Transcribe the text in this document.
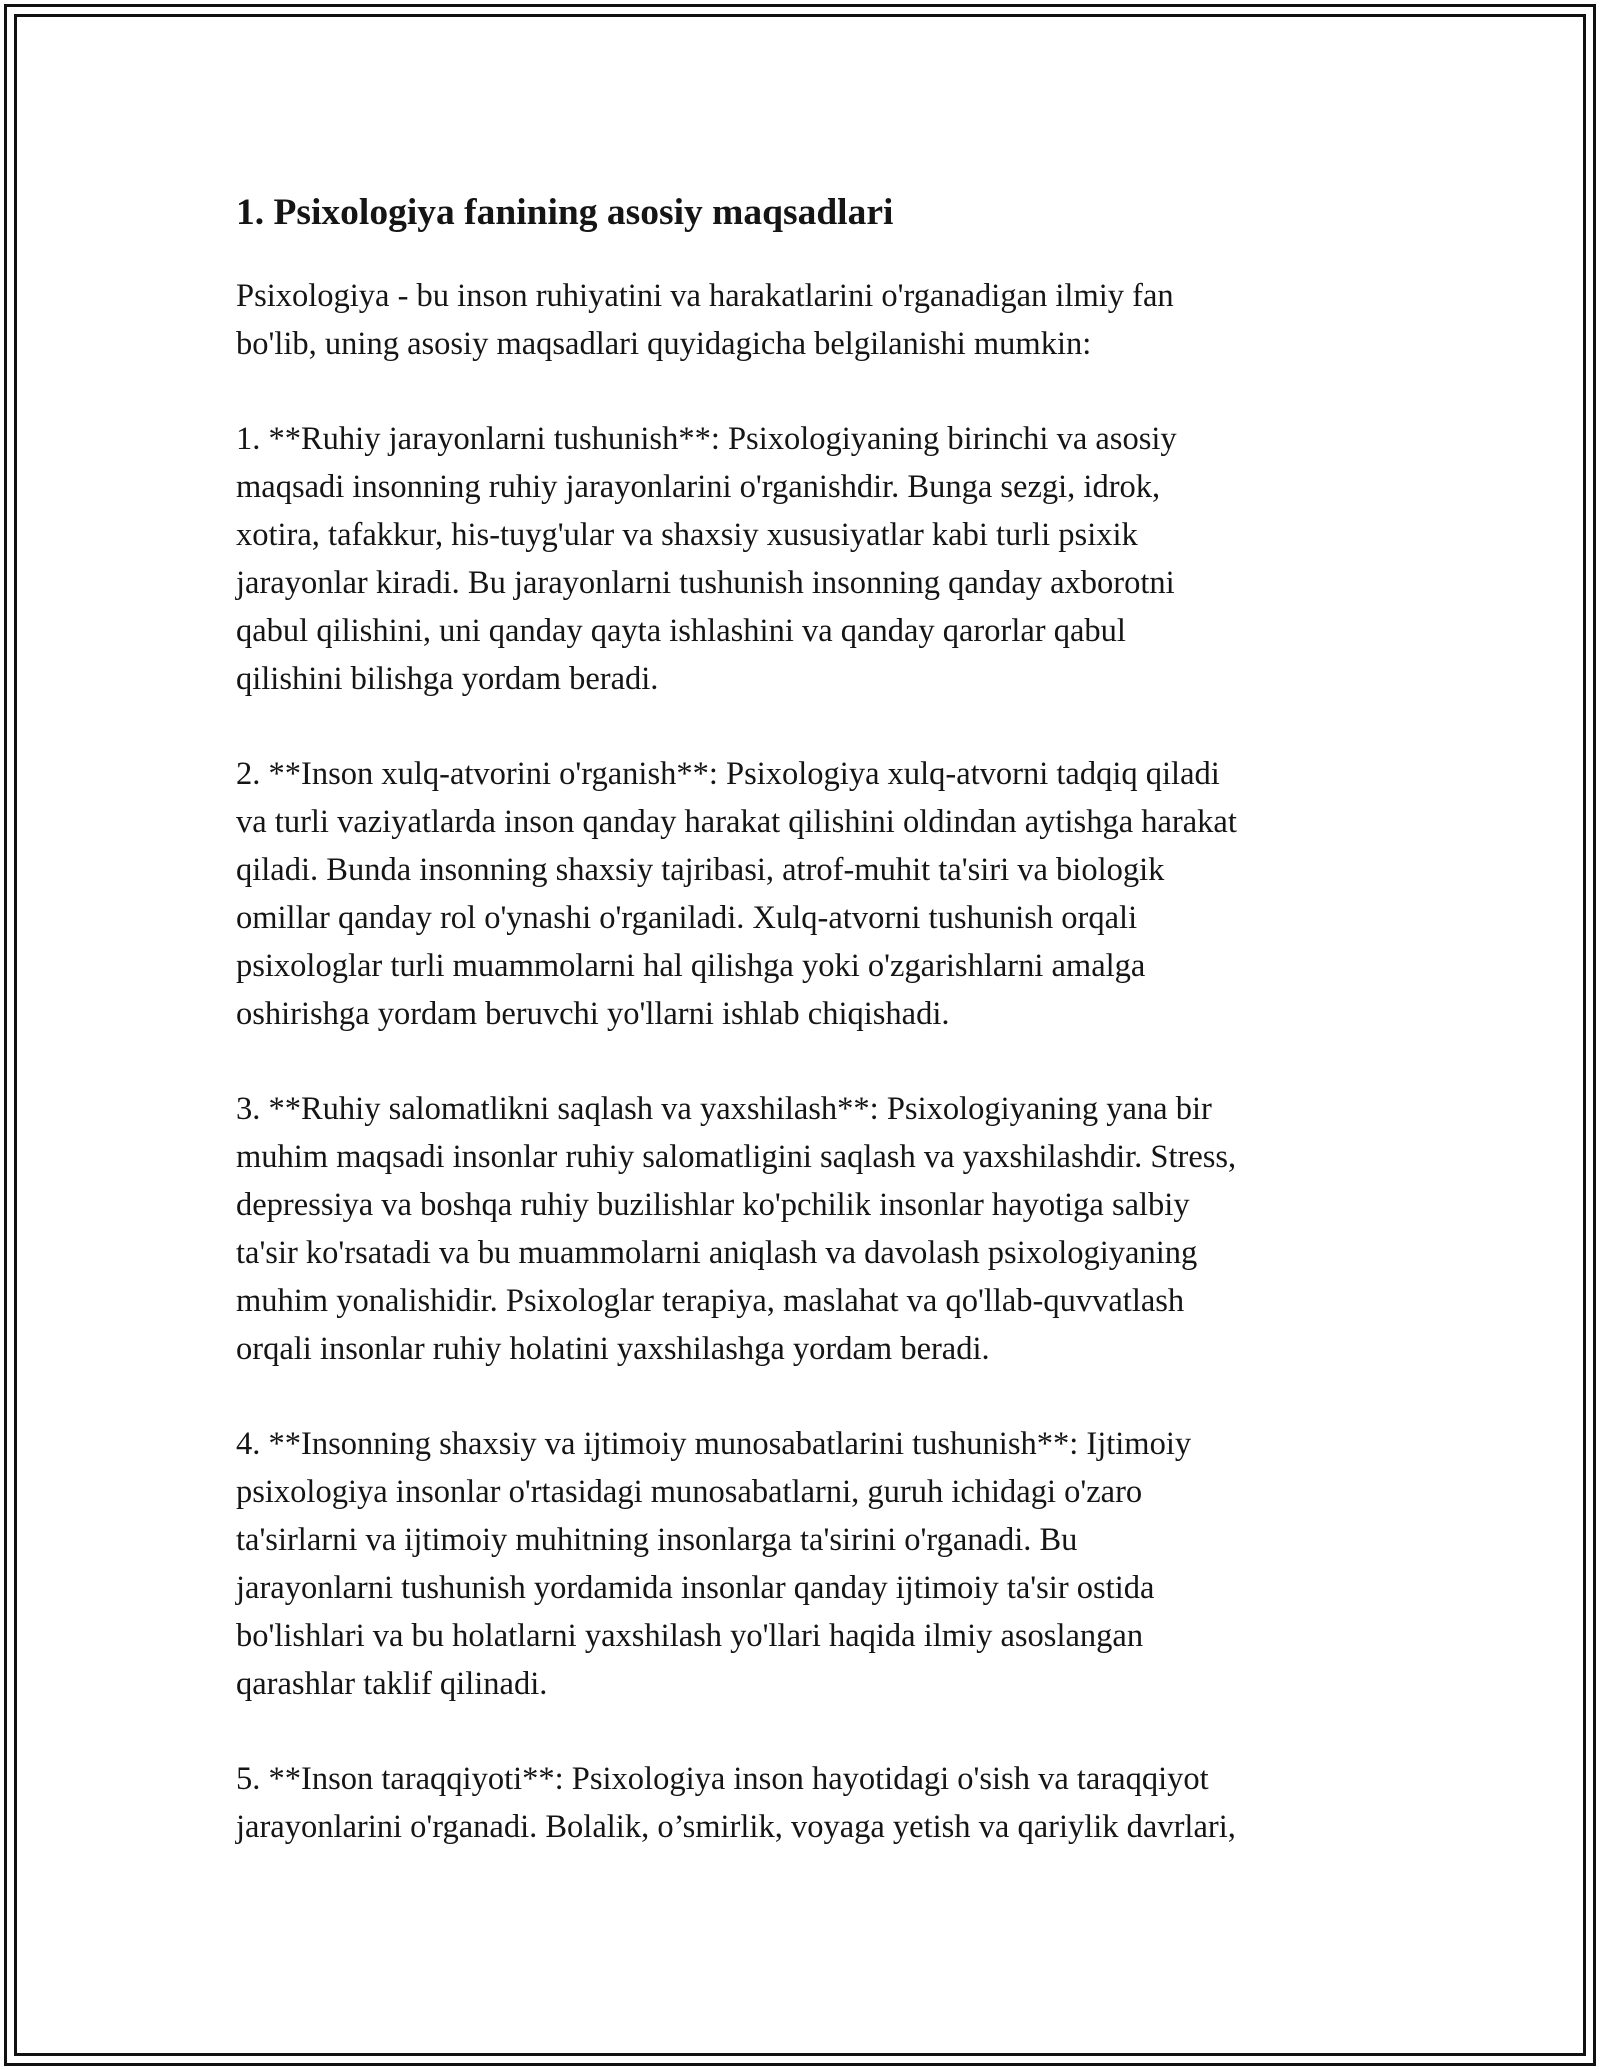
1. Psixologiya fanining asosiy maqsadlari

Psixologiya - bu inson ruhiyatini va harakatlarini o'rganadigan ilmiy fan
bo'lib, uning asosiy maqsadlari quyidagicha belgilanishi mumkin:

1. **Ruhiy jarayonlarni tushunish**: Psixologiyaning birinchi va asosiy
maqsadi insonning ruhiy jarayonlarini o'rganishdir. Bunga sezgi, idrok,
xotira, tafakkur, his-tuyg'ular va shaxsiy xususiyatlar kabi turli psixik
jarayonlar kiradi. Bu jarayonlarni tushunish insonning qanday axborotni
qabul qilishini, uni qanday qayta ishlashini va qanday qarorlar qabul
qilishini bilishga yordam beradi.

2. **Inson xulq-atvorini o'rganish**: Psixologiya xulq-atvorni tadqiq qiladi
va turli vaziyatlarda inson qanday harakat qilishini oldindan aytishga harakat
qiladi. Bunda insonning shaxsiy tajribasi, atrof-muhit ta'siri va biologik
omillar qanday rol o'ynashi o'rganiladi. Xulq-atvorni tushunish orqali
psixologlar turli muammolarni hal qilishga yoki o'zgarishlarni amalga
oshirishga yordam beruvchi yo'llarni ishlab chiqishadi.

3. **Ruhiy salomatlikni saqlash va yaxshilash**: Psixologiyaning yana bir
muhim maqsadi insonlar ruhiy salomatligini saqlash va yaxshilashdir. Stress,
depressiya va boshqa ruhiy buzilishlar ko'pchilik insonlar hayotiga salbiy
ta'sir ko'rsatadi va bu muammolarni aniqlash va davolash psixologiyaning
muhim yonalishidir. Psixologlar terapiya, maslahat va qo'llab-quvvatlash
orqali insonlar ruhiy holatini yaxshilashga yordam beradi.

4. **Insonning shaxsiy va ijtimoiy munosabatlarini tushunish**: Ijtimoiy
psixologiya insonlar o'rtasidagi munosabatlarni, guruh ichidagi o'zaro
ta'sirlarni va ijtimoiy muhitning insonlarga ta'sirini o'rganadi. Bu
jarayonlarni tushunish yordamida insonlar qanday ijtimoiy ta'sir ostida
bo'lishlari va bu holatlarni yaxshilash yo'llari haqida ilmiy asoslangan
qarashlar taklif qilinadi.

5. **Inson taraqqiyoti**: Psixologiya inson hayotidagi o'sish va taraqqiyot
jarayonlarini o'rganadi. Bolalik, o’smirlik, voyaga yetish va qariylik davrlari,
